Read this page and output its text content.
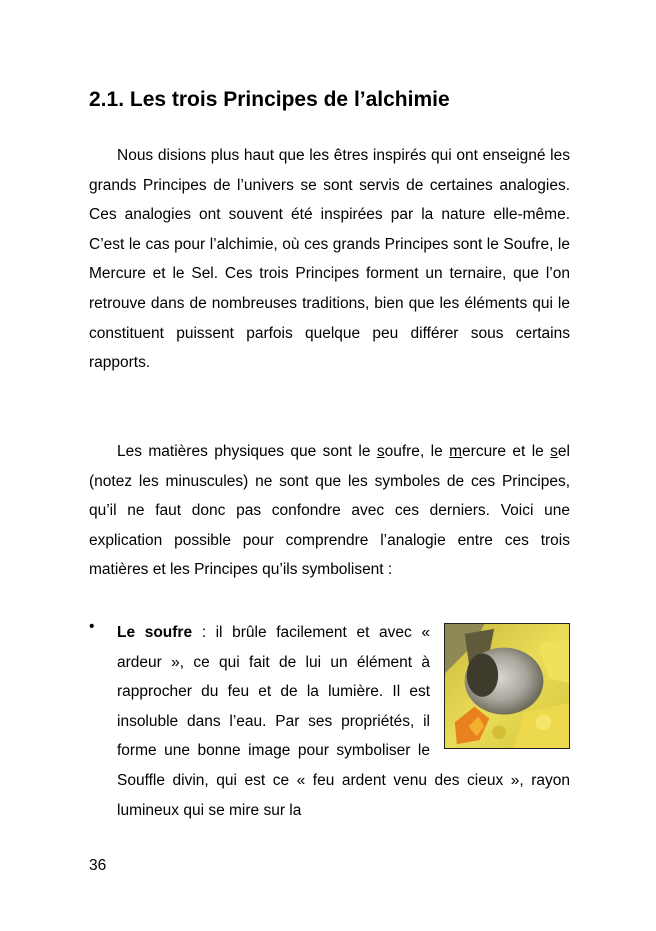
2.1. Les trois Principes de l’alchimie

Nous disions plus haut que les êtres inspirés qui ont enseigné les grands Principes de l’univers se sont servis de certaines analogies. Ces analogies ont souvent été inspirées par la nature elle-même. C’est le cas pour l’alchimie, où ces grands Principes sont le Soufre, le Mercure et le Sel. Ces trois Principes forment un ternaire, que l’on retrouve dans de nombreuses traditions, bien que les éléments qui le constituent puissent parfois quelque peu différer sous certains rapports.

Les matières physiques que sont le soufre, le mercure et le sel (notez les minuscules) ne sont que les symboles de ces Principes, qu’il ne faut donc pas confondre avec ces derniers. Voici une explication possible pour comprendre l’analogie entre ces trois matières et les Principes qu’ils symbolisent :

• Le soufre : il brûle facilement et avec « ardeur », ce qui fait de lui un élément à rapprocher du feu et de la lumière. Il est insoluble dans l’eau. Par ses propriétés, il forme une bonne image pour symboliser le Souffle divin, qui est ce « feu ardent venu des cieux », rayon lumineux qui se mire sur la

36
